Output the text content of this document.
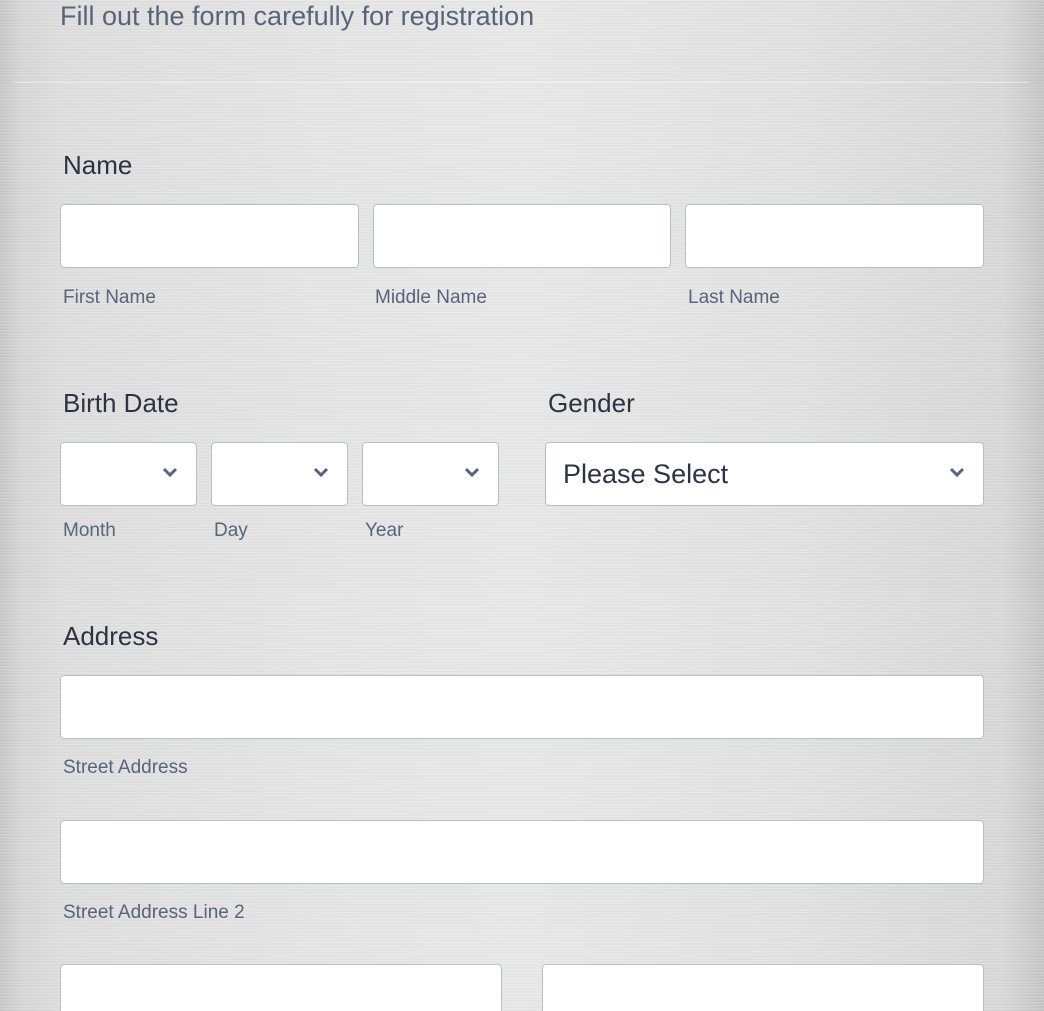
Fill out the form carefully for registration
Name
First Name	Middle Name	Last Name
Birth Date
Month	Day	Year
Gender
Please Select
Address
Street Address
Street Address Line 2
